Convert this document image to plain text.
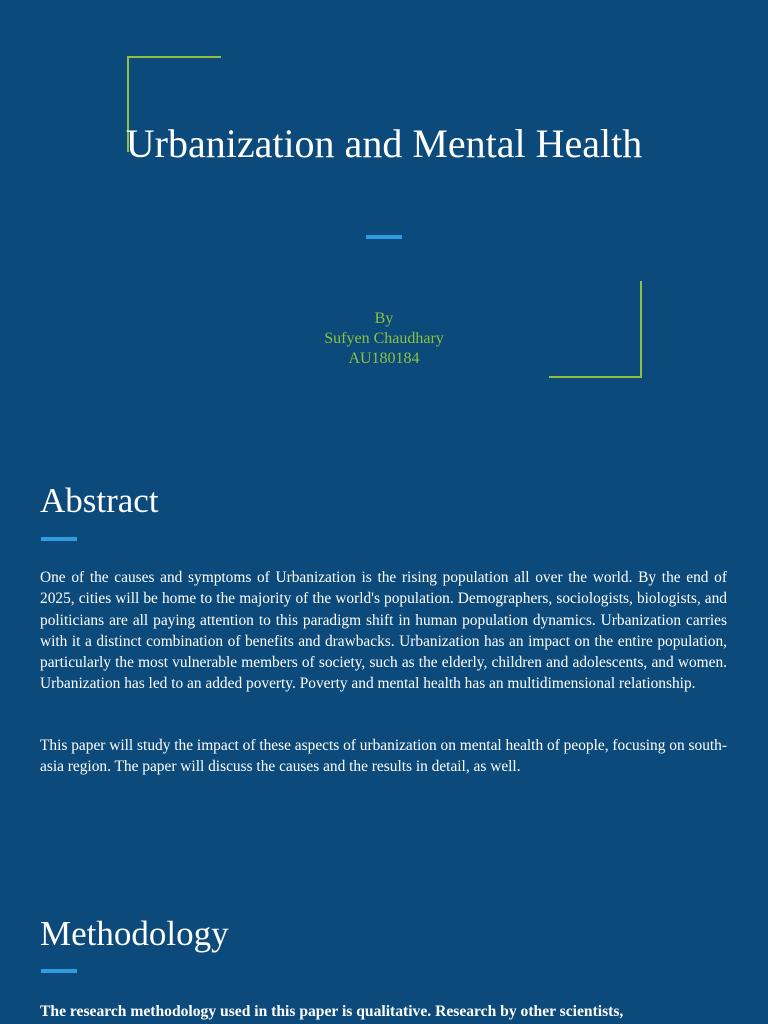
Urbanization and Mental Health
By
Sufyen Chaudhary
AU180184
Abstract

One of the causes and symptoms of Urbanization is the rising population all over the world. By the end of 2025, cities will be home to the majority of the world's population. Demographers, sociologists, biologists, and politicians are all paying attention to this paradigm shift in human population dynamics. Urbanization carries with it a distinct combination of benefits and drawbacks. Urbanization has an impact on the entire population, particularly the most vulnerable members of society, such as the elderly, children and adolescents, and women. Urbanization has led to an added poverty. Poverty and mental health has an multidimensional relationship.

This paper will study the impact of these aspects of urbanization on mental health of people, focusing on south-asia region. The paper will discuss the causes and the results in detail, as well.

Methodology

The research methodology used in this paper is qualitative. Research by other scientists,
